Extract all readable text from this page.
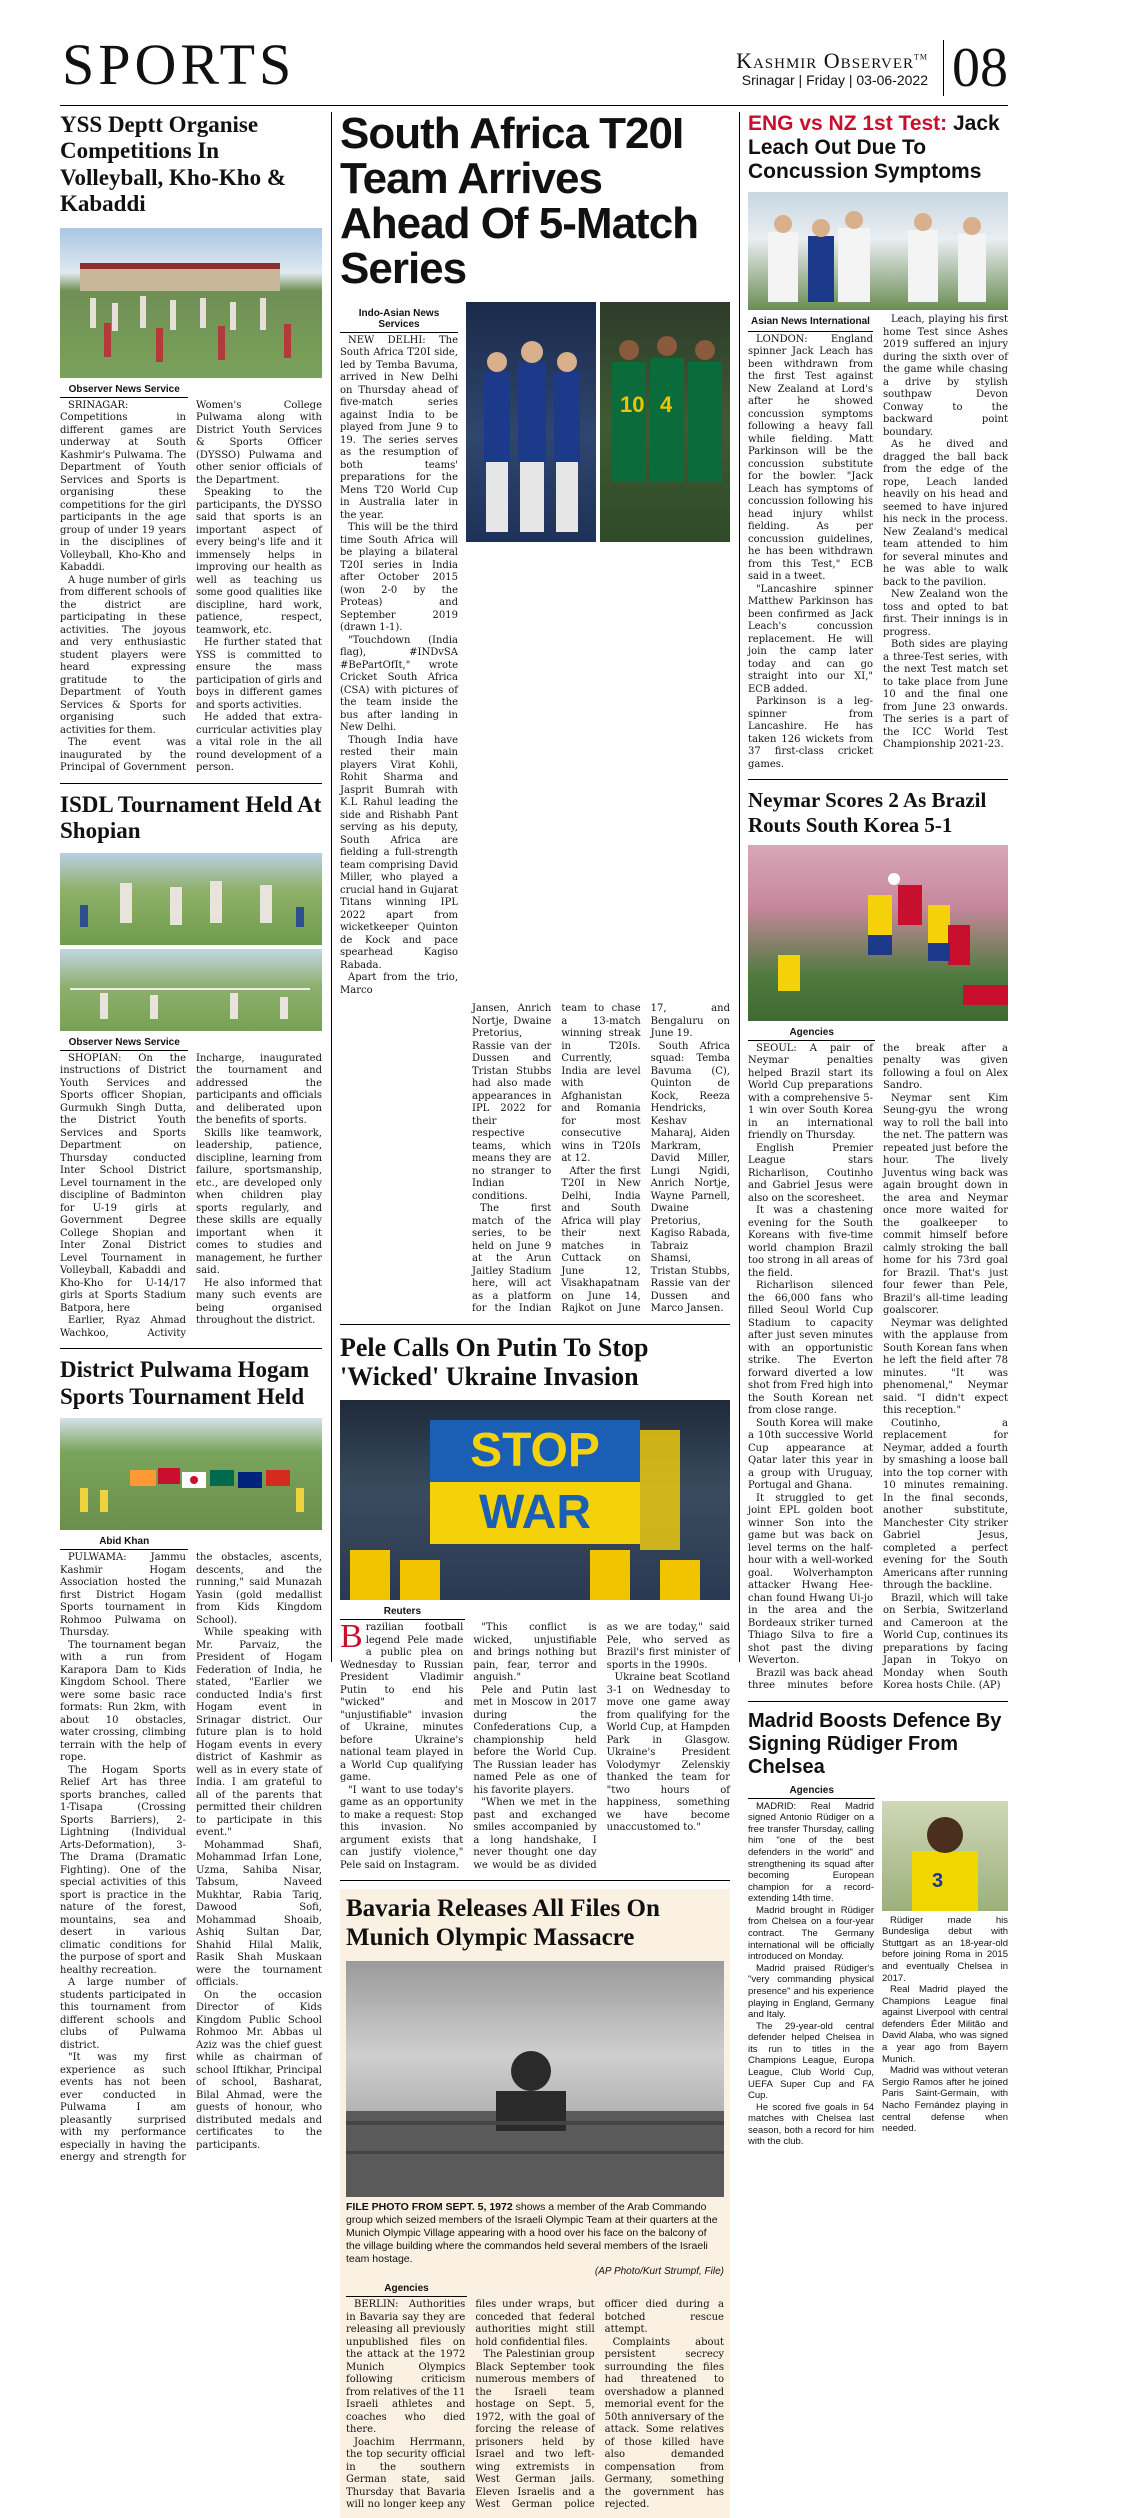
SPORTS	Kashmir Observer™
Srinagar | Friday | 03-06-2022 08
YSS Deptt Organise Competitions In Volleyball, Kho-Kho & Kabaddi
Observer News Service

SRINAGAR: Competitions in different games are underway at South Kashmir's Pulwama. The Department of Youth Services and Sports is organising these competitions for the girl participants in the age group of under 19 years in the disciplines of Volleyball, Kho-Kho and Kabaddi.

A huge number of girls from different schools of the district are participating in these activities. The joyous and very enthusiastic student players were heard expressing gratitude to the Department of Youth Services & Sports for organising such activities for them.

The event was inaugurated by the Principal of Government Women's College Pulwama along with District Youth Services & Sports Officer (DYSSO) Pulwama and other senior officials of the Department.

Speaking to the participants, the DYSSO said that sports is an important aspect of every being's life and it immensely helps in improving our health as well as teaching us some good qualities like discipline, hard work, patience, respect, teamwork, etc.

He further stated that YSS is committed to ensure the mass participation of girls and boys in different games and sports activities.

He added that extra-curricular activities play a vital role in the all round development of a person.

ISDL Tournament Held At Shopian
Observer News Service

SHOPIAN: On the instructions of District Youth Services and Sports officer Shopian, Gurmukh Singh Dutta, the District Youth Services and Sports Department on Thursday conducted Inter School District Level tournament in the discipline of Badminton for U-19 girls at Government Degree College Shopian and Inter Zonal District Level Tournament in Volleyball, Kabaddi and Kho-Kho for U-14/17 girls at Sports Stadium Batpora, here

Earlier, Ryaz Ahmad Wachkoo, Activity Incharge, inaugurated the tournament and addressed the participants and officials and deliberated upon the benefits of sports.

Skills like teamwork, leadership, patience, discipline, learning from failure, sportsmanship, etc., are developed only when children play sports regularly, and these skills are equally important when it comes to studies and management, he further said.

He also informed that many such events are being organised throughout the district.

District Pulwama Hogam Sports Tournament Held
Abid Khan

PULWAMA: Jammu Kashmir Hogam Association hosted the first District Hogam Sports tournament in Rohmoo Pulwama on Thursday.

The tournament began with a run from Karapora Dam to Kids Kingdom School. There were some basic race formats: Run 2km, with about 10 obstacles, water crossing, climbing terrain with the help of rope.

The Hogam Sports Relief Art has three sports branches, called 1-Tisapa (Crossing Sports Barriers), 2- Lightning (Individual Arts-Deformation), 3- The Drama (Dramatic Fighting). One of the special activities of this sport is practice in the nature of the forest, mountains, sea and desert in various climatic conditions for the purpose of sport and healthy recreation.

A large number of students participated in this tournament from different schools and clubs of Pulwama district.

"It was my first experience as such events has not been ever conducted in Pulwama I am pleasantly surprised with my performance especially in having the energy and strength for the obstacles, ascents, descents, and the running," said Munazah Yasin (gold medallist from Kids Kingdom School).

While speaking with Mr. Parvaiz, the President of Hogam Federation of India, he stated, "Earlier we conducted India's first Hogam event in Srinagar district. Our future plan is to hold Hogam events in every district of Kashmir as well as in every state of India. I am grateful to all of the parents that permitted their children to participate in this event."

Mohammad Shafi, Mohammad Irfan Lone, Uzma, Sahiba Nisar, Tabsum, Naveed Mukhtar, Rabia Tariq, Dawood Sofi, Mohammad Shoaib, Ashiq Sultan Dar, Shahid Hilal Malik, Rasik Shah Muskaan were the tournament officials.

On the occasion Director of Kids Kingdom Public School Rohmoo Mr. Abbas ul Aziz was the chief guest while as chairman of school Iftikhar, Principal of school, Basharat, Bilal Ahmad, were the guests of honour, who distributed medals and certificates to the participants.

South Africa T20I Team Arrives Ahead Of 5-Match Series
Indo-Asian News Services

NEW DELHI: The South Africa T20I side, led by Temba Bavuma, arrived in New Delhi on Thursday ahead of five-match series against India to be played from June 9 to 19. The series serves as the resumption of both teams' preparations for the Mens T20 World Cup in Australia later in the year.

This will be the third time South Africa will be playing a bilateral T20I series in India after October 2015 (won 2-0 by the Proteas) and September 2019 (drawn 1-1).

"Touchdown (India flag), #INDvSA #BePartOfIt," wrote Cricket South Africa (CSA) with pictures of the team inside the bus after landing in New Delhi.

Though India have rested their main players Virat Kohli, Rohit Sharma and Jasprit Bumrah with K.L Rahul leading the side and Rishabh Pant serving as his deputy, South Africa are fielding a full-strength team comprising David Miller, who played a crucial hand in Gujarat Titans winning IPL 2022 apart from wicketkeeper Quinton de Kock and pace spearhead Kagiso Rabada.

Apart from the trio, Marco

10 4

Jansen, Anrich Nortje, Dwaine Pretorius, Rassie van der Dussen and Tristan Stubbs had also made appearances in IPL 2022 for their respective teams, which means they are no stranger to Indian conditions.

The first match of the series, to be held on June 9 at the Arun Jaitley Stadium here, will act as a platform for the Indian team to chase a 13-match winning streak in T20Is. Currently, India are level with Afghanistan and Romania for most consecutive wins in T20Is at 12.

After the first T20I in New Delhi, India and South Africa will play their next matches in Cuttack on June 12, Visakhapatnam on June 14, Rajkot on June 17, and Bengaluru on June 19.

South Africa squad: Temba Bavuma (C), Quinton de Kock, Reeza Hendricks, Keshav Maharaj, Aiden Markram, David Miller, Lungi Ngidi, Anrich Nortje, Wayne Parnell, Dwaine Pretorius, Kagiso Rabada, Tabraiz Shamsi, Tristan Stubbs, Rassie van der Dussen and Marco Jansen.

Pele Calls On Putin To Stop 'Wicked' Ukraine Invasion
STOP
WAR
Reuters

Brazilian football legend Pele made a public plea on Wednesday to Russian President Vladimir Putin to end his "wicked" and "unjustifiable" invasion of Ukraine, minutes before Ukraine's national team played in a World Cup qualifying game.

"I want to use today's game as an opportunity to make a request: Stop this invasion. No argument exists that can justify violence," Pele said on Instagram.

"This conflict is wicked, unjustifiable and brings nothing but pain, fear, terror and anguish."

Pele and Putin last met in Moscow in 2017 during the Confederations Cup, a championship held before the World Cup. The Russian leader has named Pele as one of his favorite players.

"When we met in the past and exchanged smiles accompanied by a long handshake, I never thought one day we would be as divided as we are today," said Pele, who served as Brazil's first minister of sports in the 1990s.

Ukraine beat Scotland 3-1 on Wednesday to move one game away from qualifying for the World Cup, at Hampden Park in Glasgow. Ukraine's President Volodymyr Zelenskiy thanked the team for "two hours of happiness, something we have become unaccustomed to."

Bavaria Releases All Files On Munich Olympic Massacre
FILE PHOTO FROM SEPT. 5, 1972 shows a member of the Arab Commando group which seized members of the Israeli Olympic Team at their quarters at the Munich Olympic Village appearing with a hood over his face on the balcony of the village building where the commandos held several members of the Israeli team hostage.
(AP Photo/Kurt Strumpf, File)
Agencies

BERLIN: Authorities in Bavaria say they are releasing all previously unpublished files on the attack at the 1972 Munich Olympics following criticism from relatives of the 11 Israeli athletes and coaches who died there.

Joachim Herrmann, the top security official in the southern German state, said Thursday that Bavaria will no longer keep any files under wraps, but conceded that federal authorities might still hold confidential files.

The Palestinian group Black September took numerous members of the Israeli team hostage on Sept. 5, 1972, with the goal of forcing the release of prisoners held by Israel and two left-wing extremists in West German jails. Eleven Israelis and a West German police officer died during a botched rescue attempt.

Complaints about persistent secrecy surrounding the files had threatened to overshadow a planned memorial event for the 50th anniversary of the attack. Some relatives of those killed have also demanded compensation from Germany, something the government has rejected.

ENG vs NZ 1st Test: Jack Leach Out Due To Concussion Symptoms
Asian News International

LONDON: England spinner Jack Leach has been withdrawn from the first Test against New Zealand at Lord's after he showed concussion symptoms following a heavy fall while fielding. Matt Parkinson will be the concussion substitute for the bowler. "Jack Leach has symptoms of concussion following his head injury whilst fielding. As per concussion guidelines, he has been withdrawn from this Test," ECB said in a tweet.

"Lancashire spinner Matthew Parkinson has been confirmed as Jack Leach's concussion replacement. He will join the camp later today and can go straight into our XI," ECB added.

Parkinson is a leg-spinner from Lancashire. He has taken 126 wickets from 37 first-class cricket games.

Leach, playing his first home Test since Ashes 2019 suffered an injury during the sixth over of the game while chasing a drive by stylish southpaw Devon Conway to the backward point boundary.

As he dived and dragged the ball back from the edge of the rope, Leach landed heavily on his head and seemed to have injured his neck in the process. New Zealand's medical team attended to him for several minutes and he was able to walk back to the pavilion.

New Zealand won the toss and opted to bat first. Their innings is in progress.

Both sides are playing a three-Test series, with the next Test match set to take place from June 10 and the final one from June 23 onwards. The series is a part of the ICC World Test Championship 2021-23.

Neymar Scores 2 As Brazil Routs South Korea 5-1
Agencies

SEOUL: A pair of Neymar penalties helped Brazil start its World Cup preparations with a comprehensive 5-1 win over South Korea in an international friendly on Thursday.

English Premier League stars Richarlison, Coutinho and Gabriel Jesus were also on the scoresheet.

It was a chastening evening for the South Koreans with five-time world champion Brazil too strong in all areas of the field.

Richarlison silenced the 66,000 fans who filled Seoul World Cup Stadium to capacity after just seven minutes with an opportunistic strike. The Everton forward diverted a low shot from Fred high into the South Korean net from close range.

South Korea will make a 10th successive World Cup appearance at Qatar later this year in a group with Uruguay, Portugal and Ghana.

It struggled to get joint EPL golden boot winner Son into the game but was back on level terms on the half-hour with a well-worked goal. Wolverhampton attacker Hwang Hee-chan found Hwang Ui-jo in the area and the Bordeaux striker turned Thiago Silva to fire a shot past the diving Weverton.

Brazil was back ahead three minutes before the break after a penalty was given following a foul on Alex Sandro.

Neymar sent Kim Seung-gyu the wrong way to roll the ball into the net. The pattern was repeated just before the hour. The lively Juventus wing back was again brought down in the area and Neymar once more waited for the goalkeeper to commit himself before calmly stroking the ball home for his 73rd goal for Brazil. That's just four fewer than Pele, Brazil's all-time leading goalscorer.

Neymar was delighted with the applause from South Korean fans when he left the field after 78 minutes. "It was phenomenal," Neymar said. "I didn't expect this reception."

Coutinho, a replacement for Neymar, added a fourth by smashing a loose ball into the top corner with 10 minutes remaining. In the final seconds, another substitute, Manchester City striker Gabriel Jesus, completed a perfect evening for the South Americans after running through the backline.

Brazil, which will take on Serbia, Switzerland and Cameroon at the World Cup, continues its preparations by facing Japan in Tokyo on Monday when South Korea hosts Chile. (AP)

Madrid Boosts Defence By Signing Rüdiger From Chelsea
Agencies

MADRID: Real Madrid signed Antonio Rüdiger on a free transfer Thursday, calling him "one of the best defenders in the world" and strengthening its squad after becoming European champion for a record-extending 14th time.

Madrid brought in Rüdiger from Chelsea on a four-year contract. The Germany international will be officially introduced on Monday.

Madrid praised Rüdiger's "very commanding physical presence" and his experience playing in England, Germany and Italy.

The 29-year-old central defender helped Chelsea in its run to titles in the Champions League, Europa League, Club World Cup, UEFA Super Cup and FA Cup.

He scored five goals in 54 matches with Chelsea last season, both a record for him with the club.

3

Rüdiger made his Bundesliga debut with Stuttgart as an 18-year-old before joining Roma in 2015 and eventually Chelsea in 2017.

Real Madrid played the Champions League final against Liverpool with central defenders Éder Militão and David Alaba, who was signed a year ago from Bayern Munich.

Madrid was without veteran Sergio Ramos after he joined Paris Saint-Germain, with Nacho Fernández playing in central defense when needed.
